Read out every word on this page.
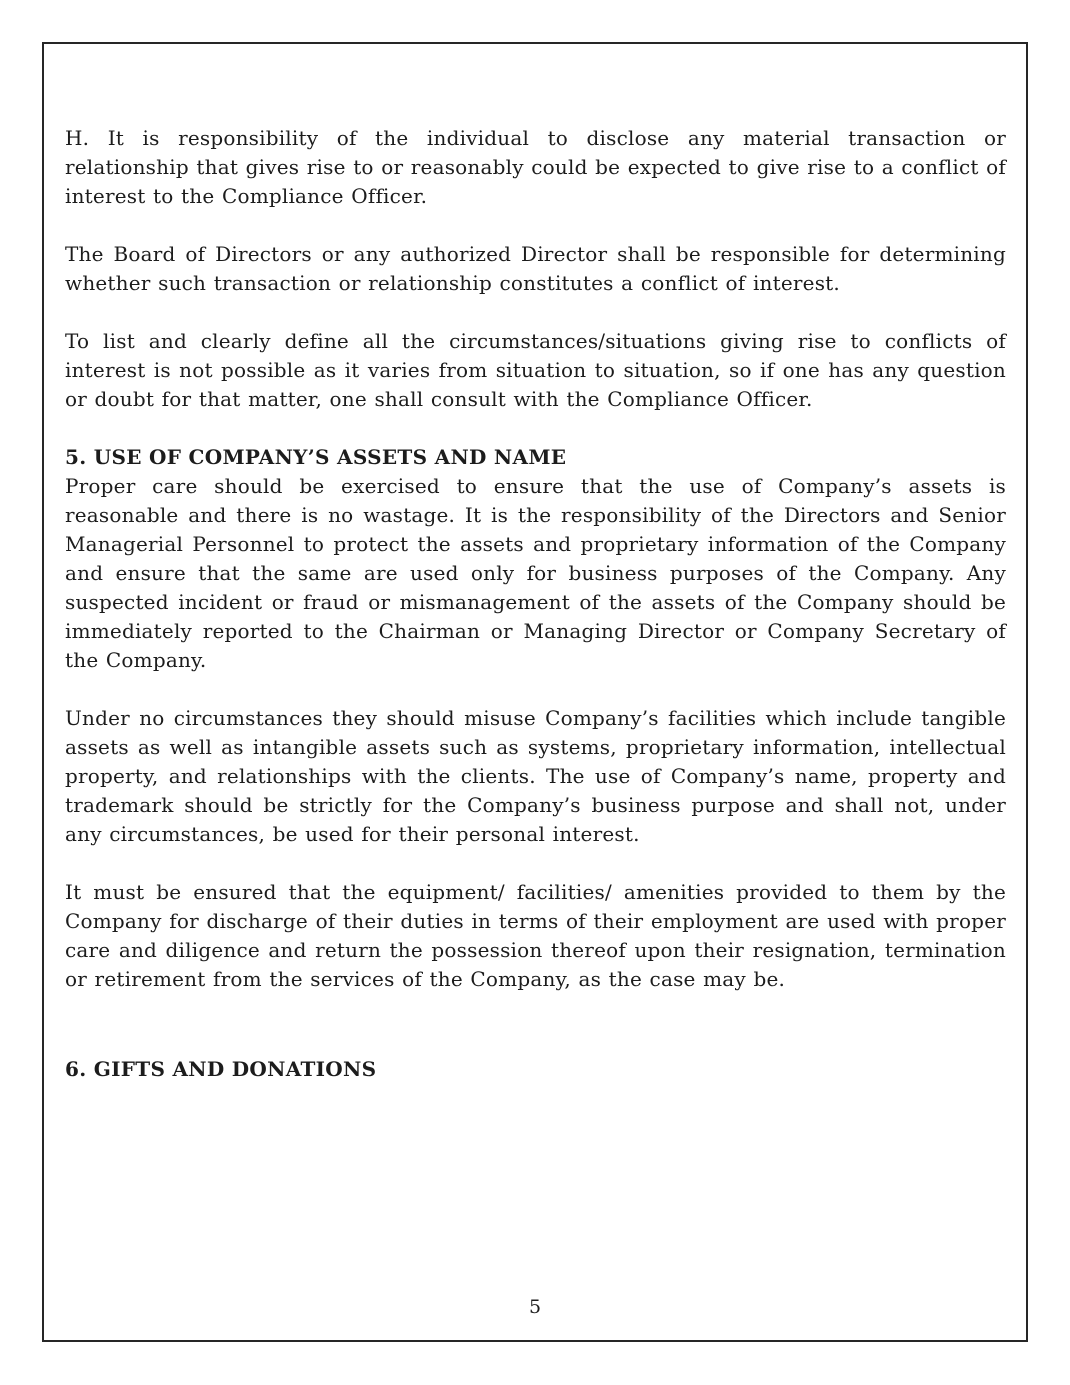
H. It is responsibility of the individual to disclose any material transaction or relationship that gives rise to or reasonably could be expected to give rise to a conflict of interest to the Compliance Officer.

The Board of Directors or any authorized Director shall be responsible for determining whether such transaction or relationship constitutes a conflict of interest.

To list and clearly define all the circumstances/situations giving rise to conflicts of interest is not possible as it varies from situation to situation, so if one has any question or doubt for that matter, one shall consult with the Compliance Officer.

5. USE OF COMPANY’S ASSETS AND NAME

Proper care should be exercised to ensure that the use of Company’s assets is reasonable and there is no wastage. It is the responsibility of the Directors and Senior Managerial Personnel to protect the assets and proprietary information of the Company and ensure that the same are used only for business purposes of the Company. Any suspected incident or fraud or mismanagement of the assets of the Company should be immediately reported to the Chairman or Managing Director or Company Secretary of the Company.

Under no circumstances they should misuse Company’s facilities which include tangible assets as well as intangible assets such as systems, proprietary information, intellectual property, and relationships with the clients. The use of Company’s name, property and trademark should be strictly for the Company’s business purpose and shall not, under any circumstances, be used for their personal interest.

It must be ensured that the equipment/ facilities/ amenities provided to them by the Company for discharge of their duties in terms of their employment are used with proper care and diligence and return the possession thereof upon their resignation, termination or retirement from the services of the Company, as the case may be.

6. GIFTS AND DONATIONS
5
